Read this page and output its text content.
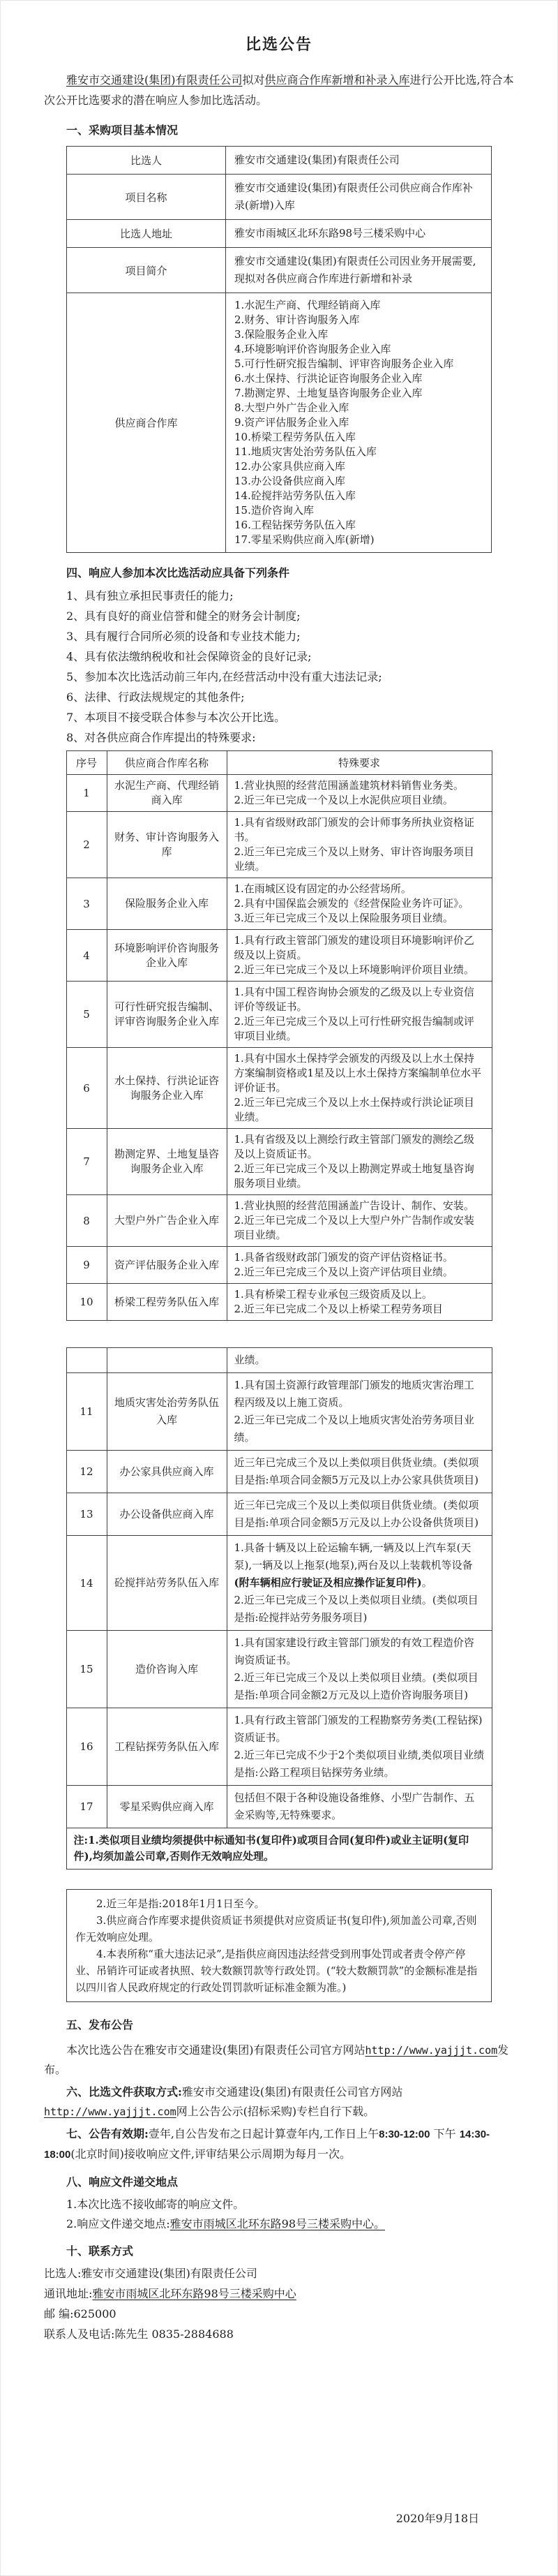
比选公告

雅安市交通建设(集团)有限责任公司拟对供应商合作库新增和补录入库进行公开比选,符合本次公开比选要求的潜在响应人参加比选活动。

一、采购项目基本情况
比选人	雅安市交通建设(集团)有限责任公司
项目名称	雅安市交通建设(集团)有限责任公司供应商合作库补录(新增)入库
比选人地址	雅安市雨城区北环东路98号三楼采购中心
项目简介	雅安市交通建设(集团)有限责任公司因业务开展需要,现拟对各供应商合作库进行新增和补录
供应商合作库	
1.水泥生产商、代理经销商入库
2.财务、审计咨询服务入库
3.保险服务企业入库
4.环境影响评价咨询服务企业入库
5.可行性研究报告编制、评审咨询服务企业入库
6.水土保持、行洪论证咨询服务企业入库
7.勘测定界、土地复垦咨询服务企业入库
8.大型户外广告企业入库
9.资产评估服务企业入库
10.桥梁工程劳务队伍入库
11.地质灾害处治劳务队伍入库
12.办公家具供应商入库
13.办公设备供应商入库
14.砼搅拌站劳务队伍入库
15.造价咨询入库
16.工程钻探劳务队伍入库
17.零星采购供应商入库(新增)
四、响应人参加本次比选活动应具备下列条件
1、具有独立承担民事责任的能力;
2、具有良好的商业信誉和健全的财务会计制度;
3、具有履行合同所必须的设备和专业技术能力;
4、具有依法缴纳税收和社会保障资金的良好记录;
5、参加本次比选活动前三年内,在经营活动中没有重大违法记录;
6、法律、行政法规规定的其他条件;
7、本项目不接受联合体参与本次公开比选。
8、对各供应商合作库提出的特殊要求:
序号	供应商合作库名称	特殊要求
1	水泥生产商、代理经销商入库	1.营业执照的经营范围涵盖建筑材料销售业务类。
2.近三年已完成一个及以上水泥供应项目业绩。

2	财务、审计咨询服务入库	1.具有省级财政部门颁发的会计师事务所执业资格证书。
2.近三年已完成三个及以上财务、审计咨询服务项目业绩。

3	保险服务企业入库	1.在雨城区设有固定的办公经营场所。
2.具有中国保监会颁发的《经营保险业务许可证》。
3.近三年已完成三个及以上保险服务项目业绩。

4	环境影响评价咨询服务企业入库	1.具有行政主管部门颁发的建设项目环境影响评价乙级及以上资质。
2.近三年已完成三个及以上环境影响评价项目业绩。

5	可行性研究报告编制、评审咨询服务企业入库	1.具有中国工程咨询协会颁发的乙级及以上专业资信评价等级证书。
2.近三年已完成三个及以上可行性研究报告编制或评审项目业绩。

6	水土保持、行洪论证咨询服务企业入库	1.具有中国水土保持学会颁发的丙级及以上水土保持方案编制资格或1星及以上水土保持方案编制单位水平评价证书。
2.近三年已完成三个及以上水土保持或行洪论证项目业绩。

7	勘测定界、土地复垦咨询服务企业入库	1.具有省级及以上测绘行政主管部门颁发的测绘乙级及以上资质证书。
2.近三年已完成三个及以上勘测定界或土地复垦咨询服务项目业绩。

8	大型户外广告企业入库	1.营业执照的经营范围涵盖广告设计、制作、安装。
2.近三年已完成二个及以上大型户外广告制作或安装项目业绩。

9	资产评估服务企业入库	1.具备省级财政部门颁发的资产评估资格证书。
2.近三年已完成三个及以上资产评估项目业绩。

10	桥梁工程劳务队伍入库	1.具有桥梁工程专业承包三级资质及以上。
2.近三年已完成二个及以上桥梁工程劳务项目

		业绩。

11	地质灾害处治劳务队伍入库	1.具有国土资源行政管理部门颁发的地质灾害治理工程丙级及以上施工资质。
2.近三年已完成二个及以上地质灾害处治劳务项目业绩。

12	办公家具供应商入库	近三年已完成三个及以上类似项目供货业绩。(类似项目是指:单项合同金额5万元及以上办公家具供货项目)

13	办公设备供应商入库	近三年已完成三个及以上类似项目供货业绩。(类似项目是指:单项合同金额5万元及以上办公设备供货项目)

14	砼搅拌站劳务队伍入库	1.具备十辆及以上砼运输车辆,一辆及以上汽车泵(天泵),一辆及以上拖泵(地泵),两台及以上装载机等设备(附车辆相应行驶证及相应操作证复印件)。
2.近三年已完成三个及以上类似项目业绩。(类似项目是指:砼搅拌站劳务服务项目)

15	造价咨询入库	1.具有国家建设行政主管部门颁发的有效工程造价咨询资质证书。
2.近三年已完成三个及以上类似项目业绩。(类似项目是指:单项合同金额2万元及以上造价咨询服务项目)

16	工程钻探劳务队伍入库	1.具有行政主管部门颁发的工程勘察劳务类(工程钻探)资质证书。
2.近三年已完成不少于2个类似项目业绩,类似项目业绩是指:公路工程项目钻探劳务业绩。

17	零星采购供应商入库	包括但不限于各种设施设备维修、小型广告制作、五金采购等,无特殊要求。

注:1.类似项目业绩均须提供中标通知书(复印件)或项目合同(复印件)或业主证明(复印件),均须加盖公司章,否则作无效响应处理。		
2.近三年是指:2018年1月1日至今。
3.供应商合作库要求提供资质证书须提供对应资质证书(复印件),须加盖公司章,否则作无效响应处理。
4.本表所称“重大违法记录”,是指供应商因违法经营受到刑事处罚或者责令停产停业、吊销许可证或者执照、较大数额罚款等行政处罚。(“较大数额罚款”的金额标准是指以四川省人民政府规定的行政处罚罚款听证标准金额为准。)
五、发布公告

本次比选公告在雅安市交通建设(集团)有限责任公司官方网站http://www.yajjjt.com发布。

六、比选文件获取方式:雅安市交通建设(集团)有限责任公司官方网站http://www.yajjjt.com网上公告公示(招标采购)专栏自行下载。

七、公告有效期:壹年,自公告发布之日起计算壹年内,工作日上午8:30-12:00 下午 14:30-18:00(北京时间)接收响应文件,评审结果公示周期为每月一次。

八、响应文件递交地点

1.本次比选不接收邮寄的响应文件。

2.响应文件递交地点:雅安市雨城区北环东路98号三楼采购中心。

十、联系方式

比选人:雅安市交通建设(集团)有限责任公司

通讯地址:雅安市雨城区北环东路98号三楼采购中心

邮 编:625000

联系人及电话:陈先生 0835-2884688

2020年9月18日
